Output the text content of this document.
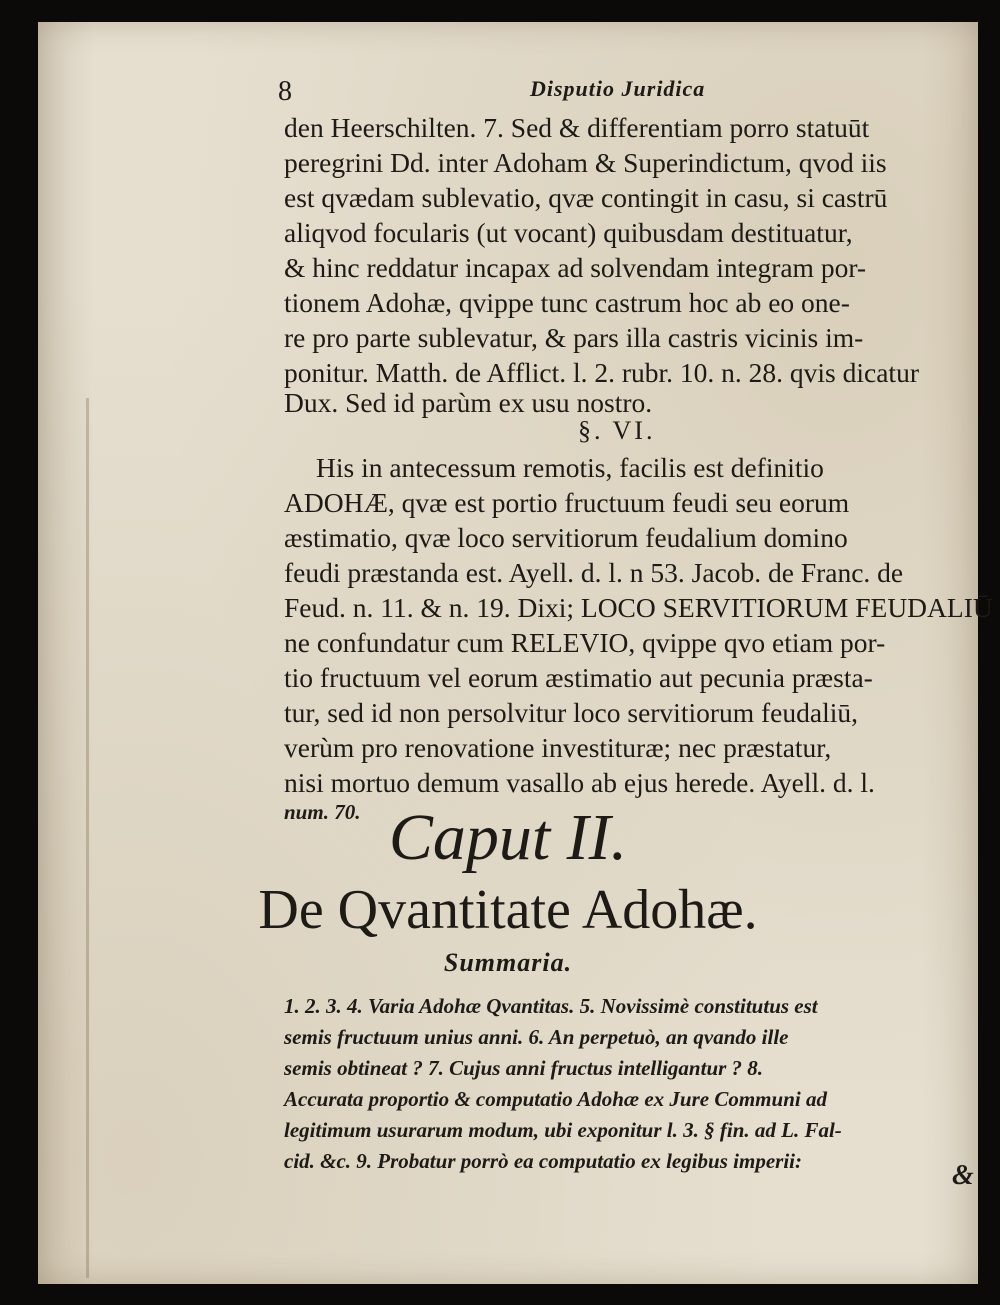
8	Disputio Juridica
den Heerschilten. 7. Sed & differentiam porro statuūt
peregrini Dd. inter Adoham & Superindictum, qvod iis
est qvædam sublevatio, qvæ contingit in casu, si castrū
aliqvod focularis (ut vocant) quibusdam destituatur,
& hinc reddatur incapax ad solvendam integram por-
tionem Adohæ, qvippe tunc castrum hoc ab eo one-
re pro parte sublevatur, & pars illa castris vicinis im-
ponitur. Matth. de Afflict. l. 2. rubr. 10. n. 28. qvis dicatur
Dux. Sed id parùm ex usu nostro.
§. VI.
His in antecessum remotis, facilis est definitio
ADOHÆ, qvæ est portio fructuum feudi seu eorum
æstimatio, qvæ loco servitiorum feudalium domino
feudi præstanda est. Ayell. d. l. n 53. Jacob. de Franc. de
Feud. n. 11. & n. 19. Dixi; LOCO SERVITIORUM FEUDALIŪ
ne confundatur cum RELEVIO, qvippe qvo etiam por-
tio fructuum vel eorum æstimatio aut pecunia præsta-
tur, sed id non persolvitur loco servitiorum feudaliū,
verùm pro renovatione investituræ; nec præstatur,
nisi mortuo demum vasallo ab ejus herede. Ayell. d. l.
num. 70. Caput II.
De Qvantitate Adohæ.
Summaria.
1. 2. 3. 4. Varia Adohæ Qvantitas. 5. Novissimè constitutus est
semis fructuum unius anni. 6. An perpetuò, an qvando ille
semis obtineat ? 7. Cujus anni fructus intelligantur ? 8.
Accurata proportio & computatio Adohæ ex Jure Communi ad
legitimum usurarum modum, ubi exponitur l. 3. § fin. ad L. Fal-
cid. &c. 9. Probatur porrò ea computatio ex legibus imperii:	&
